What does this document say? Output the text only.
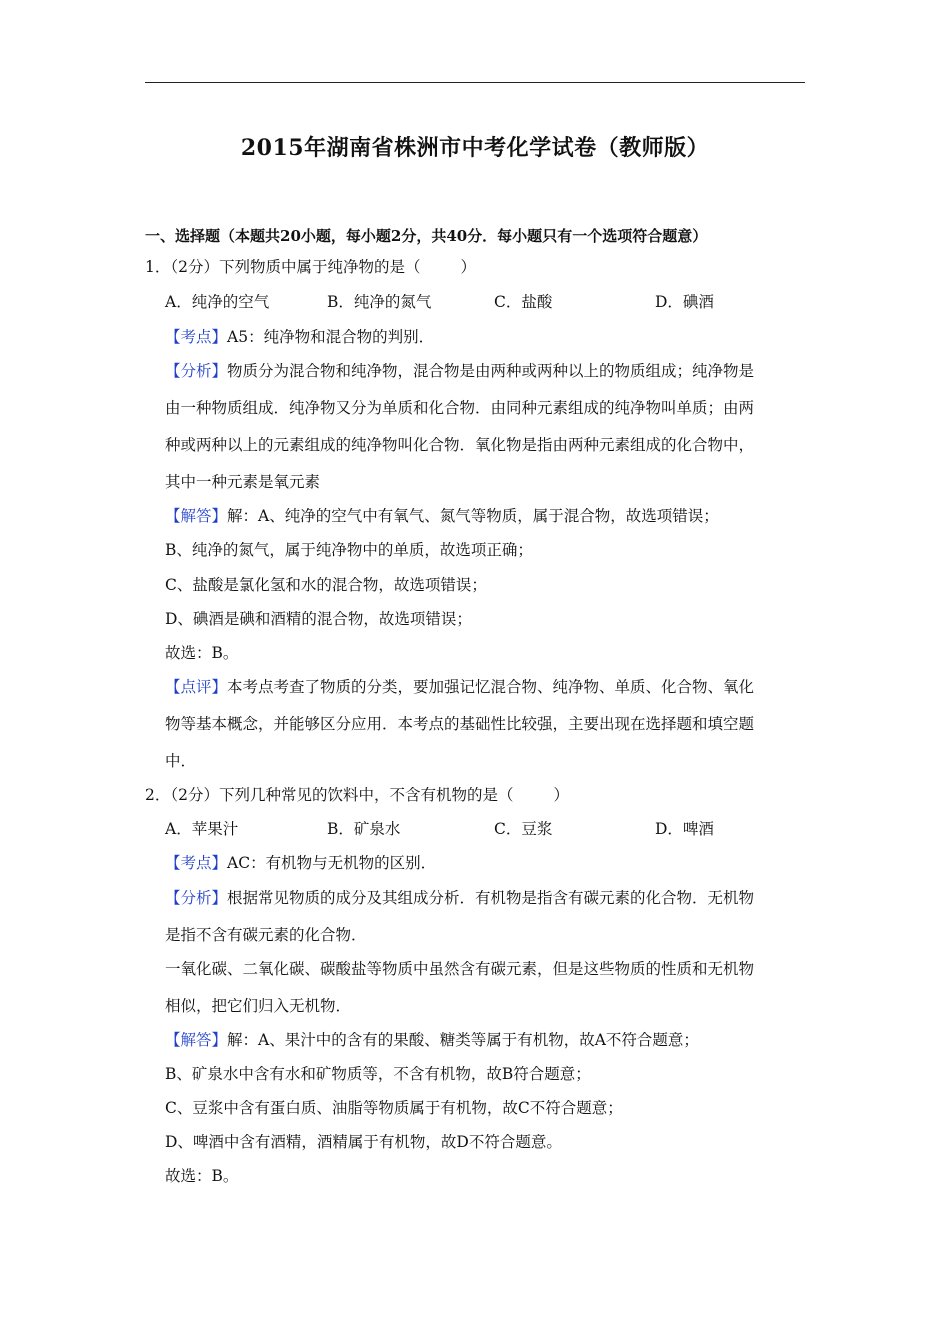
2015年湖南省株洲市中考化学试卷（教师版）
一、选择题（本题共20小题，每小题2分，共40分．每小题只有一个选项符合题意）
1．（2分）下列物质中属于纯净物的是（	）
A．纯净的空气	B．纯净的氮气	C．盐酸	D．碘酒
【考点】A5：纯净物和混合物的判别．
【分析】物质分为混合物和纯净物，混合物是由两种或两种以上的物质组成；纯净物是
由一种物质组成．纯净物又分为单质和化合物．由同种元素组成的纯净物叫单质；由两
种或两种以上的元素组成的纯净物叫化合物．氧化物是指由两种元素组成的化合物中，
其中一种元素是氧元素
【解答】解：A、纯净的空气中有氧气、氮气等物质，属于混合物，故选项错误；
B、纯净的氮气，属于纯净物中的单质，故选项正确；
C、盐酸是氯化氢和水的混合物，故选项错误；
D、碘酒是碘和酒精的混合物，故选项错误；
故选：B。
【点评】本考点考查了物质的分类，要加强记忆混合物、纯净物、单质、化合物、氧化
物等基本概念，并能够区分应用．本考点的基础性比较强，主要出现在选择题和填空题
中．
2．（2分）下列几种常见的饮料中，不含有机物的是（	）
A．苹果汁	B．矿泉水	C．豆浆	D．啤酒
【考点】AC：有机物与无机物的区别．
【分析】根据常见物质的成分及其组成分析．有机物是指含有碳元素的化合物．无机物
是指不含有碳元素的化合物．
一氧化碳、二氧化碳、碳酸盐等物质中虽然含有碳元素，但是这些物质的性质和无机物
相似，把它们归入无机物．
【解答】解：A、果汁中的含有的果酸、糖类等属于有机物，故A不符合题意；
B、矿泉水中含有水和矿物质等，不含有机物，故B符合题意；
C、豆浆中含有蛋白质、油脂等物质属于有机物，故C不符合题意；
D、啤酒中含有酒精，酒精属于有机物，故D不符合题意。
故选：B。
